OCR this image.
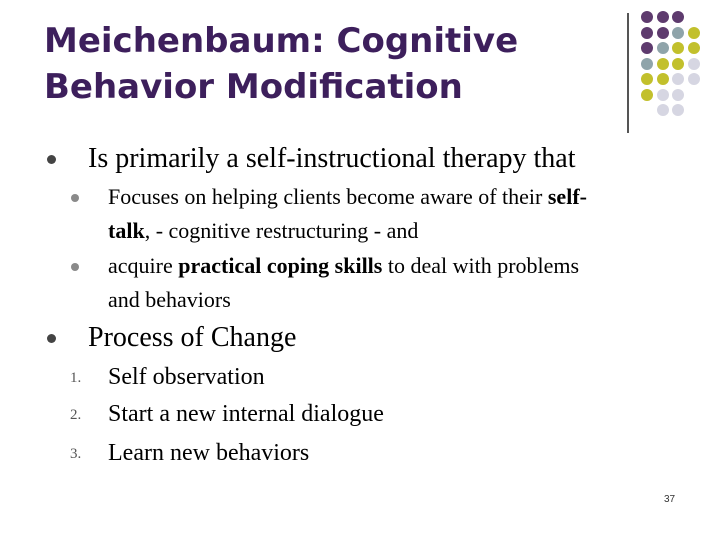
Meichenbaum: Cognitive
Behavior Modification
Is primarily a self-instructional therapy that
Focuses on helping clients become aware of their self-
talk, - cognitive restructuring - and
acquire practical coping skills to deal with problems
and behaviors
Process of Change
1. Self observation
2. Start a new internal dialogue
3. Learn new behaviors
37
